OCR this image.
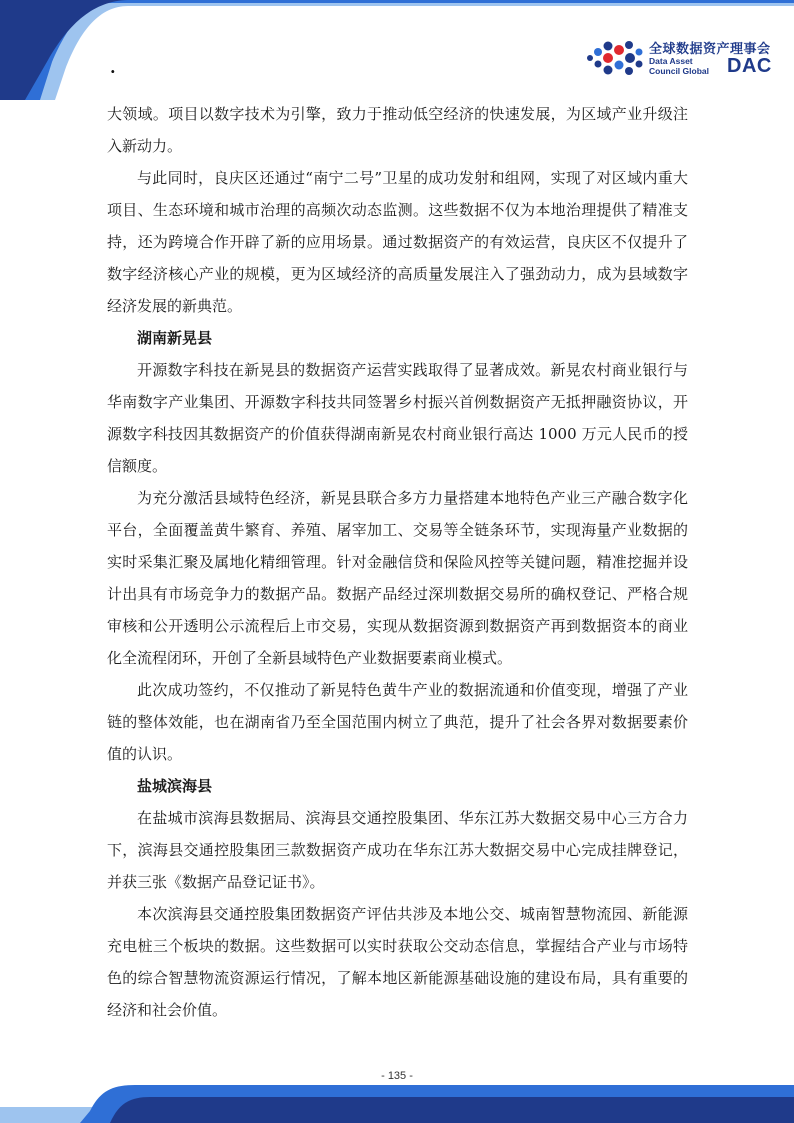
.
全球数据资产理事会
Data Asset
Council Global DAC

大领域。项目以数字技术为引擎，致力于推动低空经济的快速发展，为区域产业升级注入新动力。

与此同时，良庆区还通过“南宁二号”卫星的成功发射和组网，实现了对区域内重大项目、生态环境和城市治理的高频次动态监测。这些数据不仅为本地治理提供了精准支持，还为跨境合作开辟了新的应用场景。通过数据资产的有效运营，良庆区不仅提升了数字经济核心产业的规模，更为区域经济的高质量发展注入了强劲动力，成为县域数字经济发展的新典范。

湖南新晃县

开源数字科技在新晃县的数据资产运营实践取得了显著成效。新晃农村商业银行与华南数字产业集团、开源数字科技共同签署乡村振兴首例数据资产无抵押融资协议，开源数字科技因其数据资产的价值获得湖南新晃农村商业银行高达 1000 万元人民币的授信额度。

为充分激活县域特色经济，新晃县联合多方力量搭建本地特色产业三产融合数字化平台，全面覆盖黄牛繁育、养殖、屠宰加工、交易等全链条环节，实现海量产业数据的实时采集汇聚及属地化精细管理。针对金融信贷和保险风控等关键问题，精准挖掘并设计出具有市场竞争力的数据产品。数据产品经过深圳数据交易所的确权登记、严格合规审核和公开透明公示流程后上市交易，实现从数据资源到数据资产再到数据资本的商业化全流程闭环，开创了全新县域特色产业数据要素商业模式。

此次成功签约，不仅推动了新晃特色黄牛产业的数据流通和价值变现，增强了产业链的整体效能，也在湖南省乃至全国范围内树立了典范，提升了社会各界对数据要素价值的认识。

盐城滨海县

在盐城市滨海县数据局、滨海县交通控股集团、华东江苏大数据交易中心三方合力下，滨海县交通控股集团三款数据资产成功在华东江苏大数据交易中心完成挂牌登记，并获三张《数据产品登记证书》。

本次滨海县交通控股集团数据资产评估共涉及本地公交、城南智慧物流园、新能源充电桩三个板块的数据。这些数据可以实时获取公交动态信息，掌握结合产业与市场特色的综合智慧物流资源运行情况，了解本地区新能源基础设施的建设布局，具有重要的经济和社会价值。

- 135 -
